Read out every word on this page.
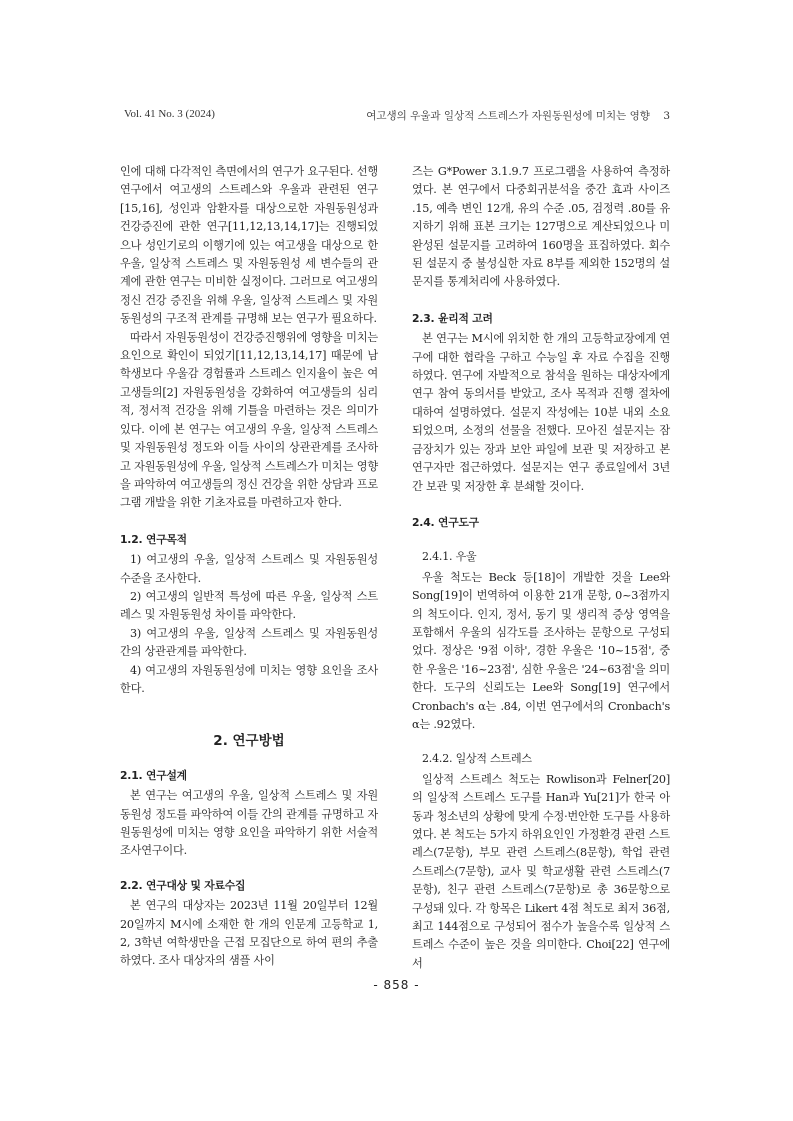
Vol. 41 No. 3 (2024)	여고생의 우울과 일상적 스트레스가 자원동원성에 미치는 영향 3

인에 대해 다각적인 측면에서의 연구가 요구된다. 선행연구에서 여고생의 스트레스와 우울과 관련된 연구[15,16], 성인과 암환자를 대상으로한 자원동원성과 건강증진에 관한 연구[11,12,13,14,17]는 진행되었으나 성인기로의 이행기에 있는 여고생을 대상으로 한 우울, 일상적 스트레스 및 자원동원성 세 변수들의 관계에 관한 연구는 미비한 실정이다. 그러므로 여고생의 정신 건강 증진을 위해 우울, 일상적 스트레스 및 자원동원성의 구조적 관계를 규명해 보는 연구가 필요하다.

따라서 자원동원성이 건강증진행위에 영향을 미치는 요인으로 확인이 되었기[11,12,13,14,17] 때문에 남학생보다 우울감 경험률과 스트레스 인지율이 높은 여고생들의[2] 자원동원성을 강화하여 여고생들의 심리적, 정서적 건강을 위해 기틀을 마련하는 것은 의미가 있다. 이에 본 연구는 여고생의 우울, 일상적 스트레스 및 자원동원성 정도와 이들 사이의 상관관계를 조사하고 자원동원성에 우울, 일상적 스트레스가 미치는 영향을 파악하여 여고생들의 정신 건강을 위한 상담과 프로그램 개발을 위한 기초자료를 마련하고자 한다.

1.2. 연구목적

1) 여고생의 우울, 일상적 스트레스 및 자원동원성 수준을 조사한다.

2) 여고생의 일반적 특성에 따른 우울, 일상적 스트레스 및 자원동원성 차이를 파악한다.

3) 여고생의 우울, 일상적 스트레스 및 자원동원성 간의 상관관계를 파악한다.

4) 여고생의 자원동원성에 미치는 영향 요인을 조사한다.

2. 연구방법
2.1. 연구설계

본 연구는 여고생의 우울, 일상적 스트레스 및 자원동원성 정도를 파악하여 이들 간의 관계를 규명하고 자원동원성에 미치는 영향 요인을 파악하기 위한 서술적 조사연구이다.

2.2. 연구대상 및 자료수집

본 연구의 대상자는 2023년 11월 20일부터 12월 20일까지 M시에 소재한 한 개의 인문계 고등학교 1, 2, 3학년 여학생만을 근접 모집단으로 하여 편의 추출하였다. 조사 대상자의 샘플 사이

즈는 G*Power 3.1.9.7 프로그램을 사용하여 측정하였다. 본 연구에서 다중회귀분석을 중간 효과 사이즈 .15, 예측 변인 12개, 유의 수준 .05, 검정력 .80를 유지하기 위해 표본 크기는 127명으로 계산되었으나 미완성된 설문지를 고려하여 160명을 표집하였다. 회수된 설문지 중 불성실한 자료 8부를 제외한 152명의 설문지를 통계처리에 사용하였다.

2.3. 윤리적 고려

본 연구는 M시에 위치한 한 개의 고등학교장에게 연구에 대한 협락을 구하고 수능일 후 자료 수집을 진행하였다. 연구에 자발적으로 참석을 원하는 대상자에게 연구 참여 동의서를 받았고, 조사 목적과 진행 절차에 대하여 설명하였다. 설문지 작성에는 10분 내외 소요되었으며, 소정의 선물을 전했다. 모아진 설문지는 잠금장치가 있는 장과 보안 파일에 보관 및 저장하고 본 연구자만 접근하였다. 설문지는 연구 종료일에서 3년간 보관 및 저장한 후 분쇄할 것이다.

2.4. 연구도구
2.4.1. 우울

우울 척도는 Beck 등[18]이 개발한 것을 Lee와 Song[19]이 번역하여 이용한 21개 문항, 0~3점까지 의 척도이다. 인지, 정서, 동기 및 생리적 증상 영역을 포함해서 우울의 심각도를 조사하는 문항으로 구성되었다. 정상은 '9점 이하', 경한 우울은 '10~15점', 중한 우울은 '16~23점', 심한 우울은 '24~63점'을 의미한다. 도구의 신뢰도는 Lee와 Song[19] 연구에서 Cronbach's α는 .84, 이번 연구에서의 Cronbach's α는 .92였다.

2.4.2. 일상적 스트레스

일상적 스트레스 척도는 Rowlison과 Felner[20]의 일상적 스트레스 도구를 Han과 Yu[21]가 한국 아동과 청소년의 상황에 맞게 수정·번안한 도구를 사용하였다. 본 척도는 5가지 하위요인인 가정환경 관련 스트레스(7문항), 부모 관련 스트레스(8문항), 학업 관련 스트레스(7문항), 교사 및 학교생활 관련 스트레스(7문항), 친구 관련 스트레스(7문항)로 총 36문항으로 구성돼 있다. 각 항목은 Likert 4점 척도로 최저 36점, 최고 144점으로 구성되어 점수가 높을수록 일상적 스트레스 수준이 높은 것을 의미한다. Choi[22] 연구에서

- 858 -
